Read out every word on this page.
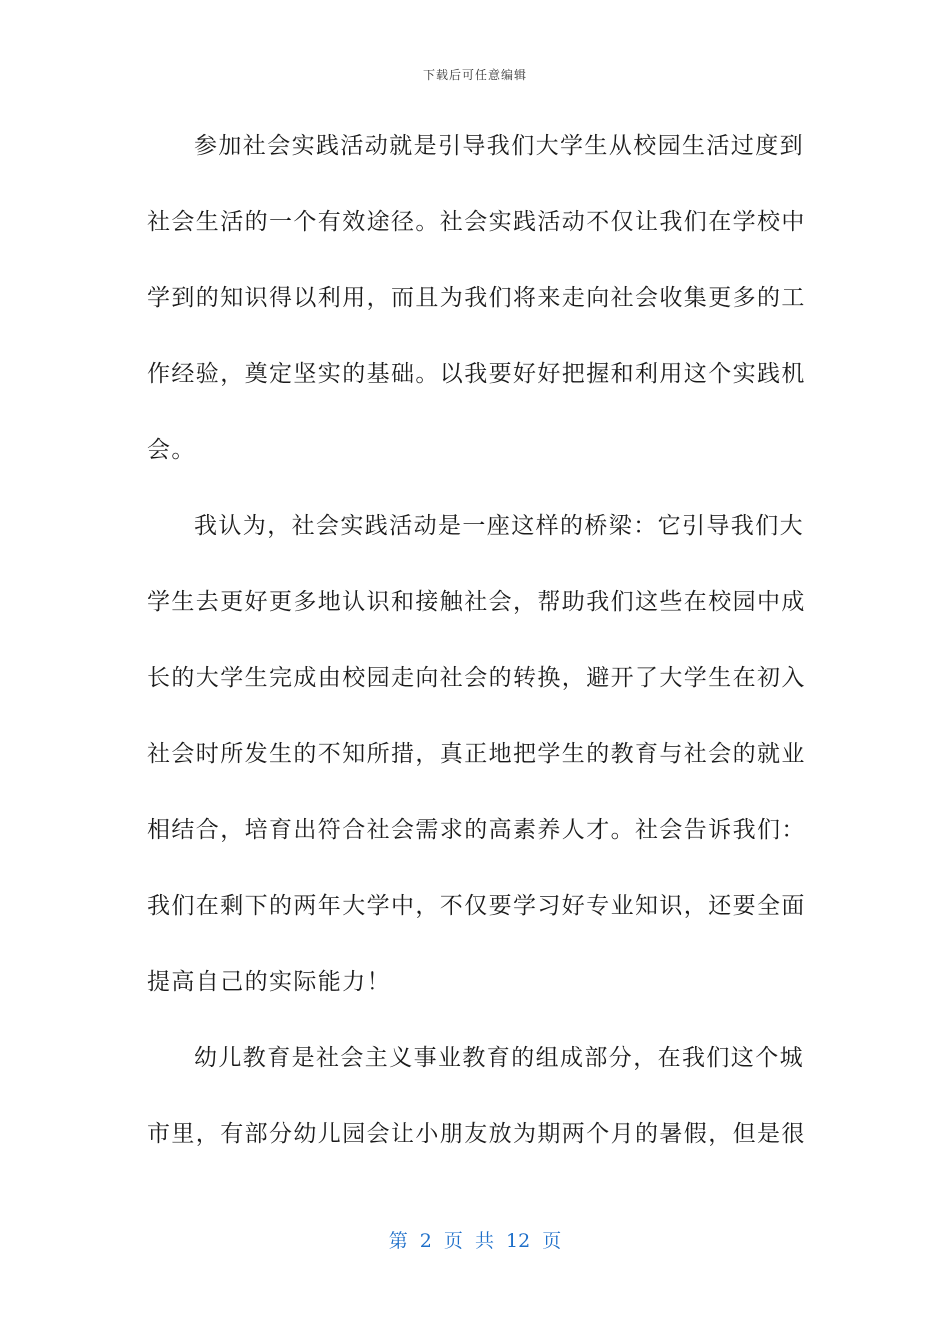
下载后可任意编辑
参加社会实践活动就是引导我们大学生从校园生活过度到
社会生活的一个有效途径。社会实践活动不仅让我们在学校中
学到的知识得以利用，而且为我们将来走向社会收集更多的工
作经验，奠定坚实的基础。以我要好好把握和利用这个实践机
会。
我认为，社会实践活动是一座这样的桥梁：它引导我们大
学生去更好更多地认识和接触社会，帮助我们这些在校园中成
长的大学生完成由校园走向社会的转换，避开了大学生在初入
社会时所发生的不知所措，真正地把学生的教育与社会的就业
相结合，培育出符合社会需求的高素养人才。社会告诉我们：
我们在剩下的两年大学中，不仅要学习好专业知识，还要全面
提高自己的实际能力！
幼儿教育是社会主义事业教育的组成部分，在我们这个城
市里，有部分幼儿园会让小朋友放为期两个月的暑假，但是很
第 2 页 共 12 页
